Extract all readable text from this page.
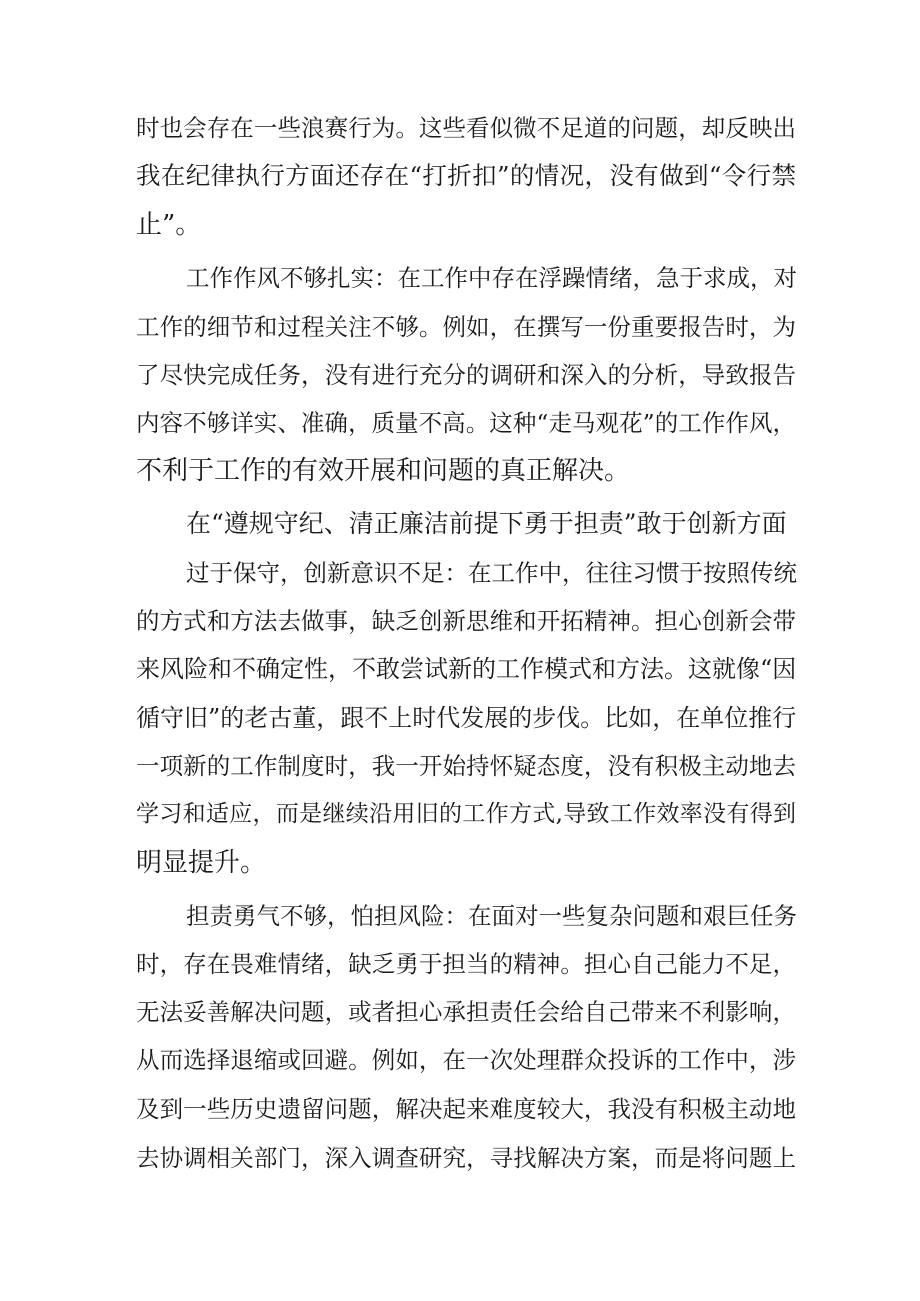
时也会存在一些浪赛行为。这些看似微不足道的问题，却反映出
我在纪律执行方面还存在“打折扣”的情况，没有做到“令行禁
止”。
工作作风不够扎实：在工作中存在浮躁情绪，急于求成，对
工作的细节和过程关注不够。例如，在撰写一份重要报告时，为
了尽快完成任务，没有进行充分的调研和深入的分析，导致报告
内容不够详实、准确，质量不高。这种“走马观花”的工作作风，
不利于工作的有效开展和问题的真正解决。
在“遵规守纪、清正廉洁前提下勇于担责”敢于创新方面
过于保守，创新意识不足：在工作中，往往习惯于按照传统
的方式和方法去做事，缺乏创新思维和开拓精神。担心创新会带
来风险和不确定性，不敢尝试新的工作模式和方法。这就像“因
循守旧”的老古董，跟不上时代发展的步伐。比如，在单位推行
一项新的工作制度时，我一开始持怀疑态度，没有积极主动地去
学习和适应，而是继续沿用旧的工作方式,导致工作效率没有得到
明显提升。
担责勇气不够，怕担风险：在面对一些复杂问题和艰巨任务
时，存在畏难情绪，缺乏勇于担当的精神。担心自己能力不足，
无法妥善解决问题，或者担心承担责任会给自己带来不利影响，
从而选择退缩或回避。例如，在一次处理群众投诉的工作中，涉
及到一些历史遗留问题，解决起来难度较大，我没有积极主动地
去协调相关部门，深入调查研究，寻找解决方案，而是将问题上
